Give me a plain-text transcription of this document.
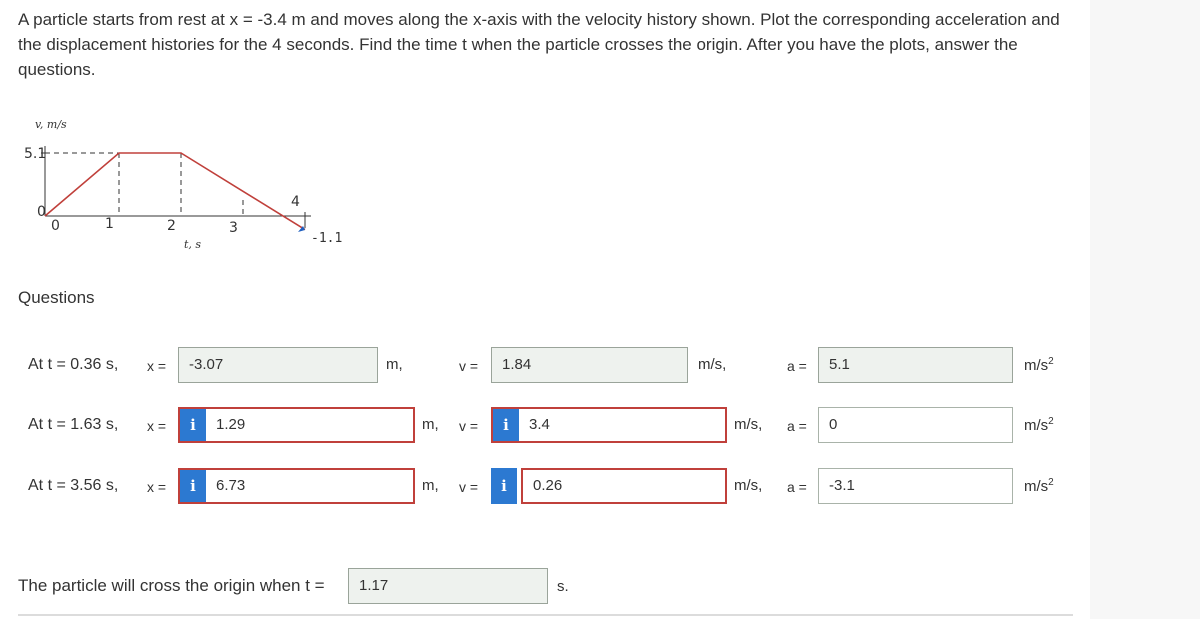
A particle starts from rest at x = -3.4 m and moves along the x-axis with the velocity history shown. Plot the corresponding acceleration and the displacement histories for the 4 seconds. Find the time t when the particle crosses the origin. After you have the plots, answer the questions.
v, m/s
5.1
0
0	1	2	3
4
-1.1
t, s
Questions
At t = 0.36 s, x =	-3.07	m,	v =	1.84	m/s,	a =	5.1	$m/s^2$
At t = 1.63 s, x =	i 1.29	m, v =	i 3.4	m/s, a =	0	$m/s^2$
At t = 3.56 s, x =	i 6.73	m, v =	i	0.26	m/s, a =	-3.1	$m/s^2$
The particle will cross the origin when t =	1.17	s.
